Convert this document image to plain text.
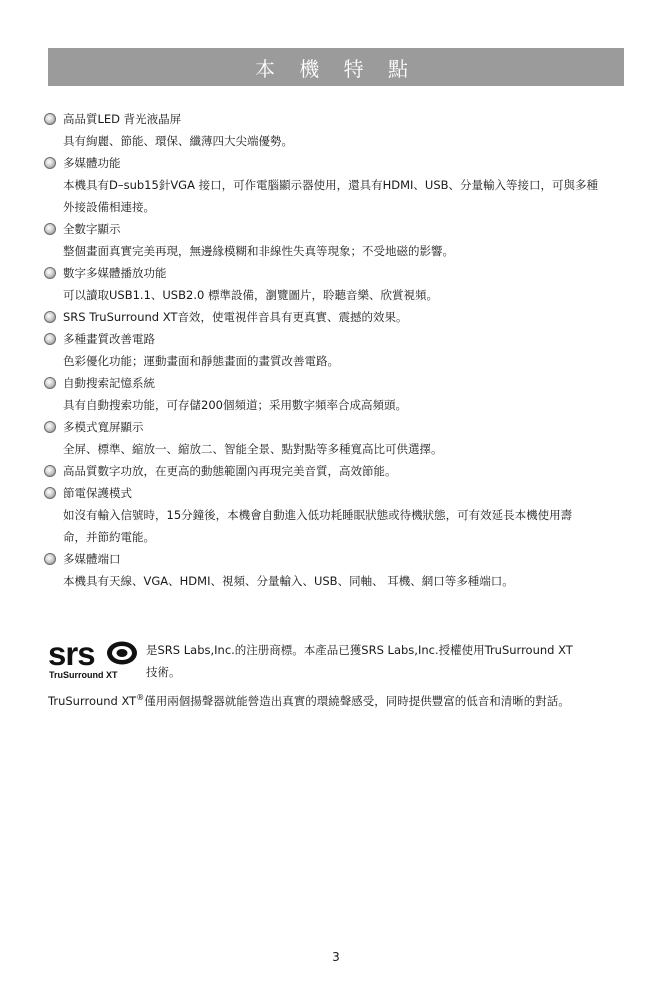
本 機 特 點
高品質LED 背光液晶屏
具有絢麗、節能、環保、纖薄四大尖端優勢。
多媒體功能
本機具有D–sub15針VGA 接口，可作電腦顯示器使用，還具有HDMI、USB、分量輸入等接口，可與多種
外接設備相連接。
全數字顯示
整個畫面真實完美再現，無邊緣模糊和非線性失真等現象；不受地磁的影響。
數字多媒體播放功能
可以讀取USB1.1、USB2.0 標準設備，瀏覽圖片，聆聽音樂、欣賞視頻。
SRS TruSurround XT音效，使電視伴音具有更真實、震撼的效果。
多種畫質改善電路
色彩優化功能；運動畫面和靜態畫面的畫質改善電路。
自動搜索記憶系統
具有自動搜索功能，可存儲200個頻道；采用數字頻率合成高頻頭。
多模式寬屏顯示
全屏、標準、縮放一、縮放二、智能全景、點對點等多種寬高比可供選擇。
高品質數字功放，在更高的動態範圍內再現完美音質，高效節能。
節電保護模式
如沒有輸入信號時，15分鐘後，本機會自動進入低功耗睡眠狀態或待機狀態，可有效延長本機使用壽
命，并節約電能。
多媒體端口
本機具有天線、VGA、HDMI、視頻、分量輸入、USB、同軸、 耳機、網口等多種端口。
srs
TruSurround XT
是SRS Labs,Inc.的注册商標。本產品已獲SRS Labs,Inc.授權使用TruSurround XT
技術。
TruSurround XT®僅用兩個揚聲器就能營造出真實的環繞聲感受，同時提供豐富的低音和清晰的對話。
3
